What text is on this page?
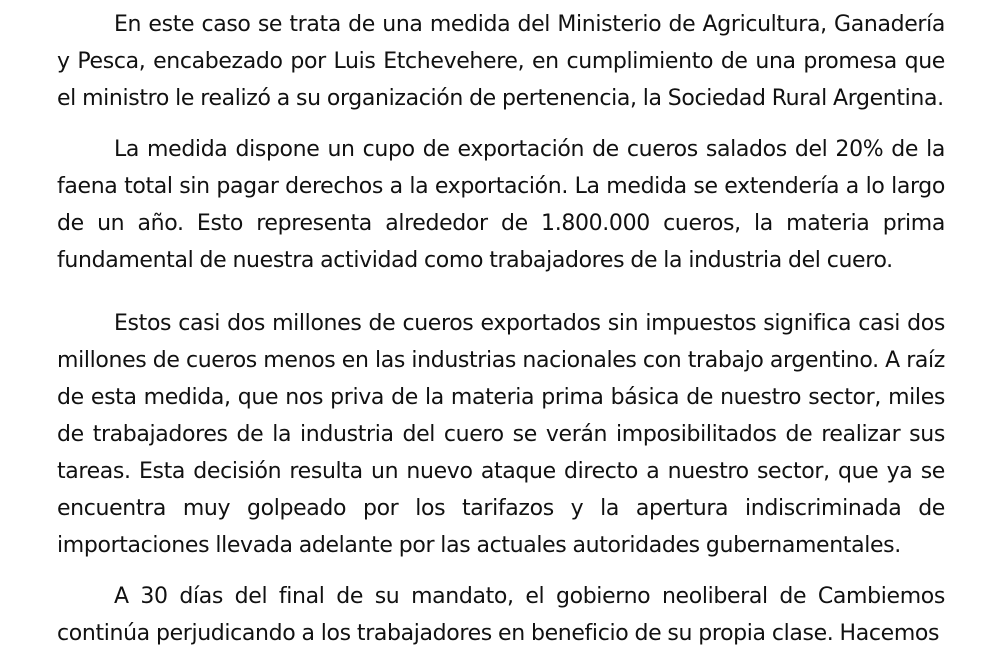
En este caso se trata de una medida del Ministerio de Agricultura, Ganadería y Pesca, encabezado por Luis Etchevehere, en cumplimiento de una promesa que el ministro le realizó a su organización de pertenencia, la Sociedad Rural Argentina.

La medida dispone un cupo de exportación de cueros salados del 20% de la faena total sin pagar derechos a la exportación. La medida se extendería a lo largo de un año. Esto representa alrededor de 1.800.000 cueros, la materia prima fundamental de nuestra actividad como trabajadores de la industria del cuero.

Estos casi dos millones de cueros exportados sin impuestos significa casi dos millones de cueros menos en las industrias nacionales con trabajo argentino. A raíz de esta medida, que nos priva de la materia prima básica de nuestro sector, miles de trabajadores de la industria del cuero se verán imposibilitados de realizar sus tareas. Esta decisión resulta un nuevo ataque directo a nuestro sector, que ya se encuentra muy golpeado por los tarifazos y la apertura indiscriminada de importaciones llevada adelante por las actuales autoridades gubernamentales.

A 30 días del final de su mandato, el gobierno neoliberal de Cambiemos continúa perjudicando a los trabajadores en beneficio de su propia clase. Hacemos
